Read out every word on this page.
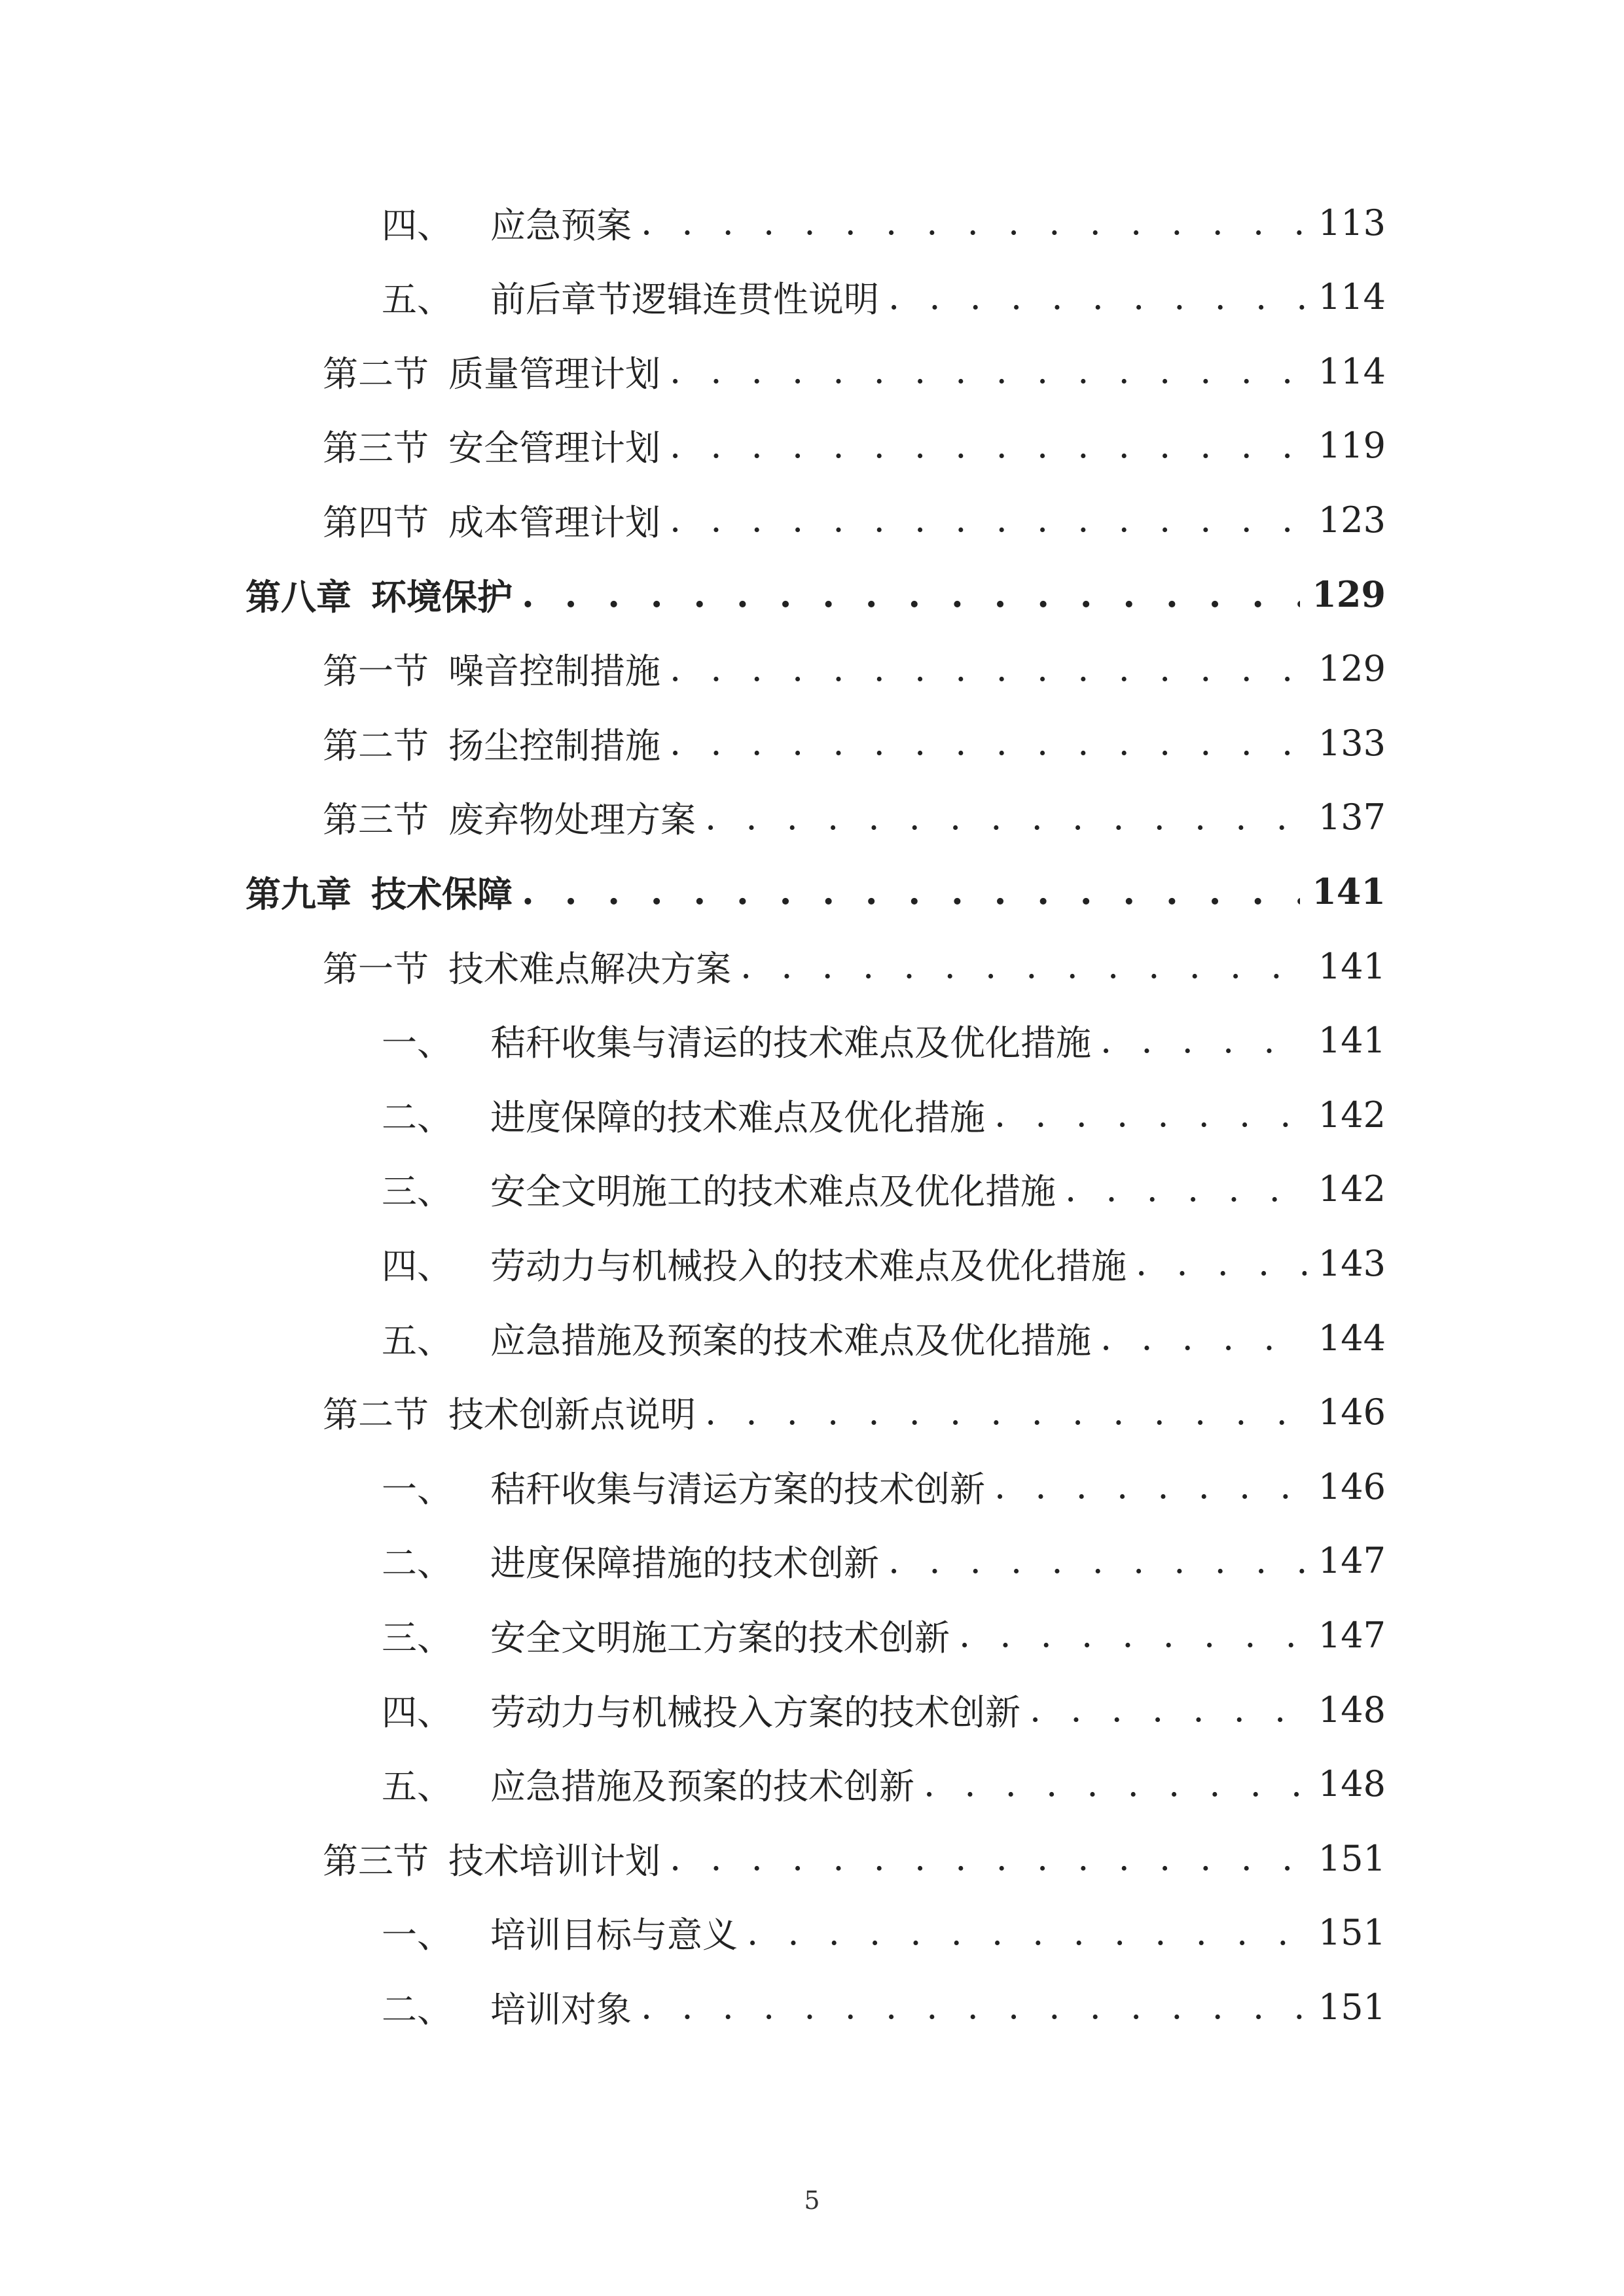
四、 应急预案 . . .	113
五、 前后章节逻辑连贯性说明 . . .	114
第二节 质量管理计划 . . .	114
第三节 安全管理计划 . . .	119
第四节 成本管理计划 . . .	123
第八章 环境保护 . . .	129
第一节 噪音控制措施 . . .	129
第二节 扬尘控制措施 . . .	133
第三节 废弃物处理方案 . . .	137
第九章 技术保障 . . .	141
第一节 技术难点解决方案 . . .	141
一、 秸秆收集与清运的技术难点及优化措施 . . .	141
二、 进度保障的技术难点及优化措施 . . .	142
三、 安全文明施工的技术难点及优化措施 . . .	142
四、 劳动力与机械投入的技术难点及优化措施 . . .	143
五、 应急措施及预案的技术难点及优化措施 . . .	144
第二节 技术创新点说明 . . .	146
一、 秸秆收集与清运方案的技术创新 . . .	146
二、 进度保障措施的技术创新 . . .	147
三、 安全文明施工方案的技术创新 . . .	147
四、 劳动力与机械投入方案的技术创新 . . .	148
五、 应急措施及预案的技术创新 . . .	148
第三节 技术培训计划 . . .	151
一、 培训目标与意义 . . .	151
二、 培训对象 . . .	151
5
